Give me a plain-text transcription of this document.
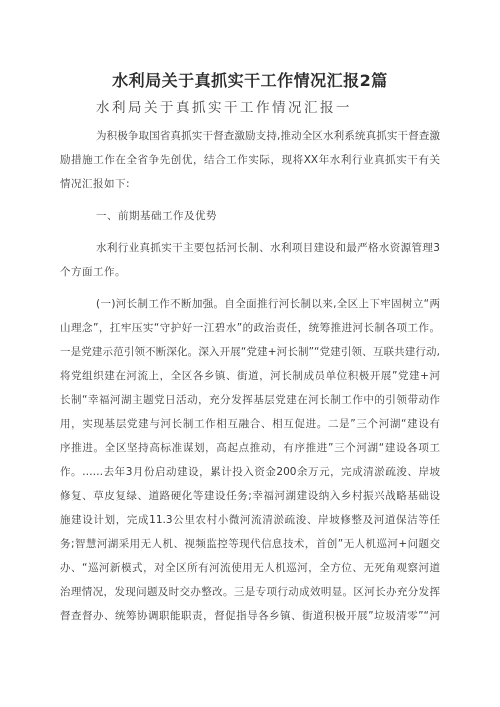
水利局关于真抓实干工作情况汇报2篇
水利局关于真抓实干工作情况汇报一
为积极争取国省真抓实干督查激励支持,推动全区水利系统真抓实干督查激
励措施工作在全省争先创优，结合工作实际，现将XX年水利行业真抓实干有关
情况汇报如下:
一、前期基础工作及优势
水利行业真抓实干主要包括河长制、水利项目建设和最严格水资源管理3
个方面工作。
(一)河长制工作不断加强。自全面推行河长制以来,全区上下牢固树立“两
山理念”，扛牢压实“守护好一江碧水”的政治责任，统筹推进河长制各项工作。
一是党建示范引领不断深化。深入开展“党建+河长制”“党建引领、互联共建行动,
将党组织建在河流上，全区各乡镇、街道，河长制成员单位积极开展”党建+河
长制“幸福河湖主题党日活动，充分发挥基层党建在河长制工作中的引领带动作
用，实现基层党建与河长制工作相互融合、相互促进。二是”三个河湖“建设有
序推进。全区坚持高标准谋划，高起点推动，有序推进”三个河湖“建设各项工
作。……去年3月份启动建设，累计投入资金200余万元，完成清淤疏浚、岸坡
修复、草皮复绿、道路硬化等建设任务;幸福河湖建设纳入乡村振兴战略基础设
施建设计划，完成11.3公里农村小微河流清淤疏浚、岸坡修整及河道保洁等任
务;智慧河湖采用无人机、视频监控等现代信息技术，首创”无人机巡河+问题交
办、“巡河新模式，对全区所有河流使用无人机巡河，全方位、无死角观察河道
治理情况，发现问题及时交办整改。三是专项行动成效明显。区河长办充分发挥
督查督办、统筹协调职能职责，督促指导各乡镇、街道积极开展”垃圾清零”“河
